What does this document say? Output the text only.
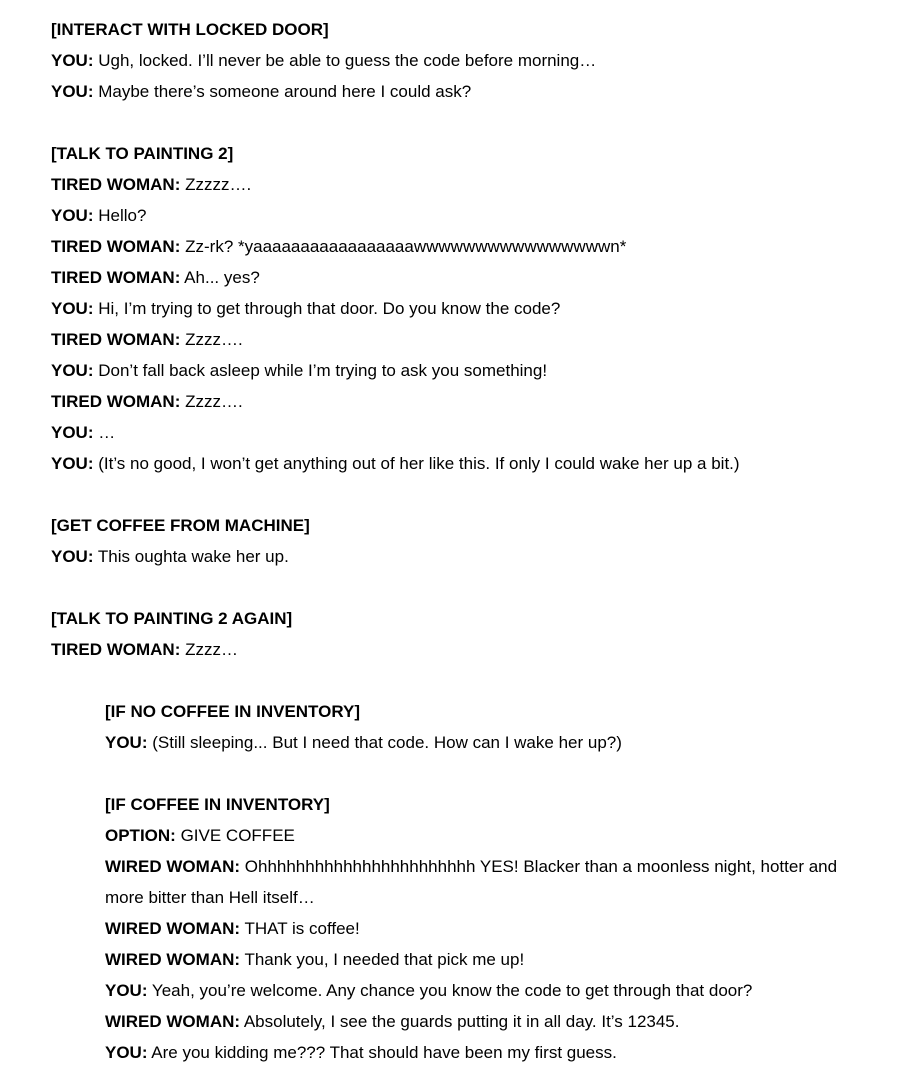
[INTERACT WITH LOCKED DOOR]

YOU: Ugh, locked. I’ll never be able to guess the code before morning…

YOU: Maybe there’s someone around here I could ask?

[TALK TO PAINTING 2]

TIRED WOMAN: Zzzzz….

YOU: Hello?

TIRED WOMAN: Zz-rk? *yaaaaaaaaaaaaaaaaawwwwwwwwwwwwwwwwn*

TIRED WOMAN: Ah... yes?

YOU: Hi, I’m trying to get through that door. Do you know the code?

TIRED WOMAN: Zzzz….

YOU: Don’t fall back asleep while I’m trying to ask you something!

TIRED WOMAN: Zzzz….

YOU: …

YOU: (It’s no good, I won’t get anything out of her like this. If only I could wake her up a bit.)

[GET COFFEE FROM MACHINE]

YOU: This oughta wake her up.

[TALK TO PAINTING 2 AGAIN]

TIRED WOMAN: Zzzz…

[IF NO COFFEE IN INVENTORY]

YOU: (Still sleeping... But I need that code. How can I wake her up?)

[IF COFFEE IN INVENTORY]

OPTION: GIVE COFFEE

WIRED WOMAN: Ohhhhhhhhhhhhhhhhhhhhhhh YES! Blacker than a moonless night, hotter and more bitter than Hell itself…

WIRED WOMAN: THAT is coffee!

WIRED WOMAN: Thank you, I needed that pick me up!

YOU: Yeah, you’re welcome. Any chance you know the code to get through that door?

WIRED WOMAN: Absolutely, I see the guards putting it in all day. It’s 12345.

YOU: Are you kidding me??? That should have been my first guess.
